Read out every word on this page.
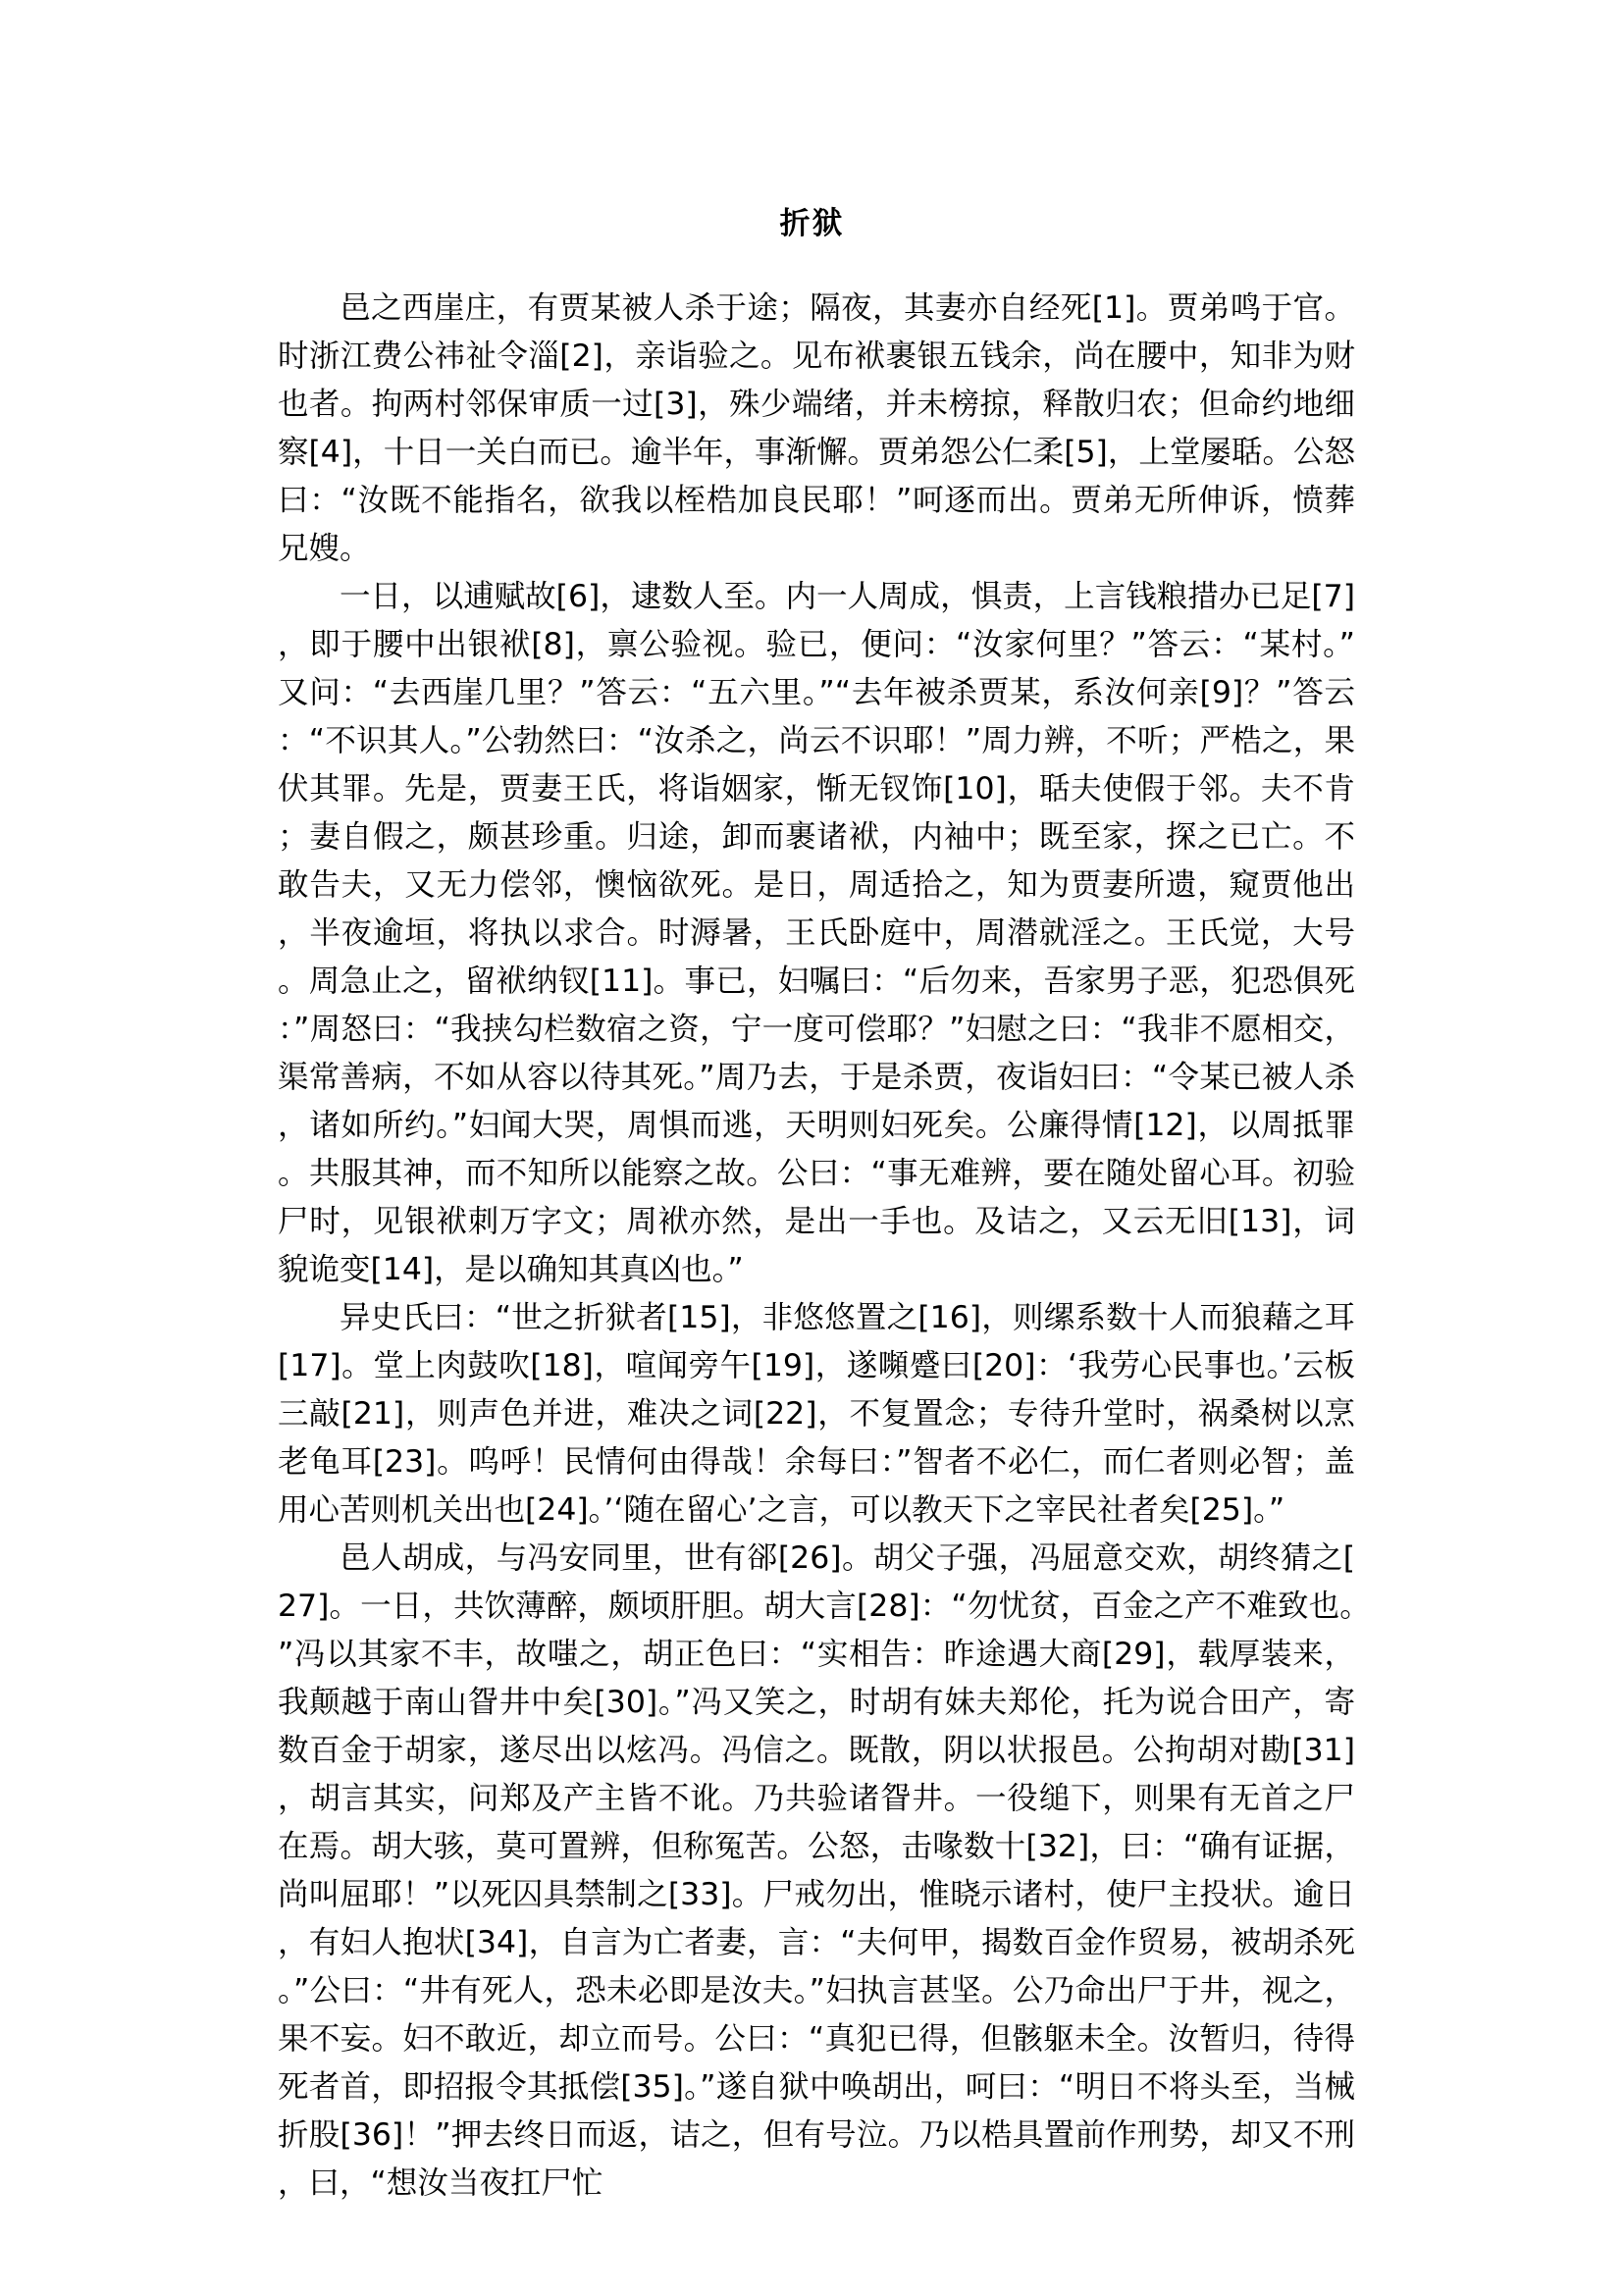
折狱

邑之西崖庄，有贾某被人杀于途；隔夜，其妻亦自经死[1]。贾弟鸣于官。时浙江费公祎祉令淄[2]，亲诣验之。见布袱裹银五钱余，尚在腰中，知非为财也者。拘两村邻保审质一过[3]，殊少端绪，并未榜掠，释散归农；但命约地细察[4]，十日一关白而已。逾半年，事渐懈。贾弟怨公仁柔[5]，上堂屡聒。公怒曰：“汝既不能指名，欲我以桎梏加良民耶！”呵逐而出。贾弟无所伸诉，愤葬兄嫂。

一日，以逋赋故[6]，逮数人至。内一人周成，惧责，上言钱粮措办已足[7]，即于腰中出银袱[8]，禀公验视。验已，便问：“汝家何里？”答云：“某村。”又问：“去西崖几里？”答云：“五六里。”“去年被杀贾某，系汝何亲[9]？”答云：“不识其人。”公勃然曰：“汝杀之，尚云不识耶！”周力辨，不听；严梏之，果伏其罪。先是，贾妻王氏，将诣姻家，惭无钗饰[10]，聒夫使假于邻。夫不肯；妻自假之，颇甚珍重。归途，卸而裹诸袱，内袖中；既至家，探之已亡。不敢告夫，又无力偿邻，懊恼欲死。是日，周适拾之，知为贾妻所遗，窥贾他出，半夜逾垣，将执以求合。时溽暑，王氏卧庭中，周潜就淫之。王氏觉，大号。周急止之，留袱纳钗[11]。事已，妇嘱曰：“后勿来，吾家男子恶，犯恐俱死：”周怒曰：“我挟勾栏数宿之资，宁一度可偿耶？”妇慰之曰：“我非不愿相交，渠常善病，不如从容以待其死。”周乃去，于是杀贾，夜诣妇曰：“令某已被人杀，诸如所约。”妇闻大哭，周惧而逃，天明则妇死矣。公廉得情[12]，以周抵罪。共服其神，而不知所以能察之故。公曰：“事无难辨，要在随处留心耳。初验尸时，见银袱刺万字文；周袱亦然，是出一手也。及诘之，又云无旧[13]，词貌诡变[14]，是以确知其真凶也。”

异史氏曰：“世之折狱者[15]，非悠悠置之[16]，则缧系数十人而狼藉之耳[17]。堂上肉鼓吹[18]，喧闻旁午[19]，遂嚬蹙曰[20]：‘我劳心民事也。’云板三敲[21]，则声色并进，难决之词[22]，不复置念；专待升堂时，祸桑树以烹老龟耳[23]。呜呼！民情何由得哉！余每曰：”智者不必仁，而仁者则必智；盖用心苦则机关出也[24]。’‘随在留心’之言，可以教天下之宰民社者矣[25]。”

邑人胡成，与冯安同里，世有郤[26]。胡父子强，冯屈意交欢，胡终猜之[27]。一日，共饮薄醉，颇顷肝胆。胡大言[28]：“勿忧贫，百金之产不难致也。”冯以其家不丰，故嗤之，胡正色曰：“实相告：昨途遇大商[29]，载厚装来，我颠越于南山眢井中矣[30]。”冯又笑之，时胡有妹夫郑伦，托为说合田产，寄数百金于胡家，遂尽出以炫冯。冯信之。既散，阴以状报邑。公拘胡对勘[31]，胡言其实，问郑及产主皆不讹。乃共验诸眢井。一役缒下，则果有无首之尸在焉。胡大骇，莫可置辨，但称冤苦。公怒，击喙数十[32]，曰：“确有证据，尚叫屈耶！”以死囚具禁制之[33]。尸戒勿出，惟晓示诸村，使尸主投状。逾日，有妇人抱状[34]，自言为亡者妻，言：“夫何甲，揭数百金作贸易，被胡杀死。”公曰：“井有死人，恐未必即是汝夫。”妇执言甚坚。公乃命出尸于井，视之，果不妄。妇不敢近，却立而号。公曰：“真犯已得，但骸躯未全。汝暂归，待得死者首，即招报令其抵偿[35]。”遂自狱中唤胡出，呵曰：“明日不将头至，当械折股[36]！”押去终日而返，诘之，但有号泣。乃以梏具置前作刑势，却又不刑，曰，“想汝当夜扛尸忙
